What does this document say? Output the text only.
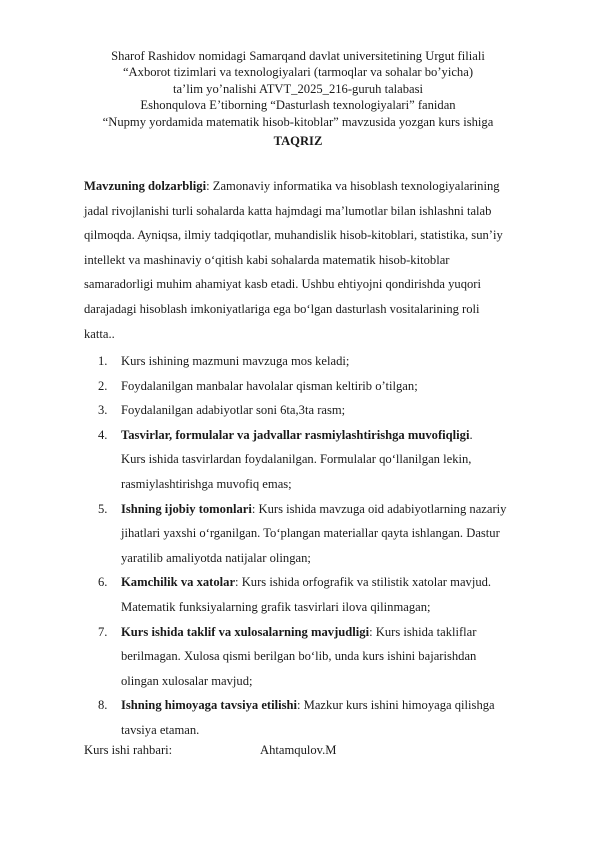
Sharof Rashidov nomidagi Samarqand davlat universitetining Urgut filiali
“Axborot tizimlari va texnologiyalari (tarmoqlar va sohalar bo’yicha)
ta’lim yo’nalishi ATVT_2025_216-guruh talabasi
Eshonqulova E’tiborning “Dasturlash texnologiyalari” fanidan
“Nupmy yordamida matematik hisob-kitoblar” mavzusida yozgan kurs ishiga
TAQRIZ
Mavzuning dolzarbligi: Zamonaviy informatika va hisoblash texnologiyalarining
jadal rivojlanishi turli sohalarda katta hajmdagi ma’lumotlar bilan ishlashni talab
qilmoqda. Ayniqsa, ilmiy tadqiqotlar, muhandislik hisob-kitoblari, statistika, sun’iy
intellekt va mashinaviy o‘qitish kabi sohalarda matematik hisob-kitoblar
samaradorligi muhim ahamiyat kasb etadi. Ushbu ehtiyojni qondirishda yuqori
darajadagi hisoblash imkoniyatlariga ega bo‘lgan dasturlash vositalarining roli
katta..
1. Kurs ishining mazmuni mavzuga mos keladi;
2. Foydalanilgan manbalar havolalar qisman keltirib o’tilgan;
3. Foydalanilgan adabiyotlar soni 6ta,3ta rasm;
4. Tasvirlar, formulalar va jadvallar rasmiylashtirishga muvofiqligi.
Kurs ishida tasvirlardan foydalanilgan. Formulalar qo‘llanilgan lekin,
rasmiylashtirishga muvofiq emas;
5. Ishning ijobiy tomonlari: Kurs ishida mavzuga oid adabiyotlarning nazariy
jihatlari yaxshi o‘rganilgan. To‘plangan materiallar qayta ishlangan. Dastur
yaratilib amaliyotda natijalar olingan;
6. Kamchilik va xatolar: Kurs ishida orfografik va stilistik xatolar mavjud.
Matematik funksiyalarning grafik tasvirlari ilova qilinmagan;
7. Kurs ishida taklif va xulosalarning mavjudligi: Kurs ishida takliflar
berilmagan. Xulosa qismi berilgan bo‘lib, unda kurs ishini bajarishdan
olingan xulosalar mavjud;
8. Ishning himoyaga tavsiya etilishi: Mazkur kurs ishini himoyaga qilishga
tavsiya etaman.
Kurs ishi rahbari:	Ahtamqulov.M
